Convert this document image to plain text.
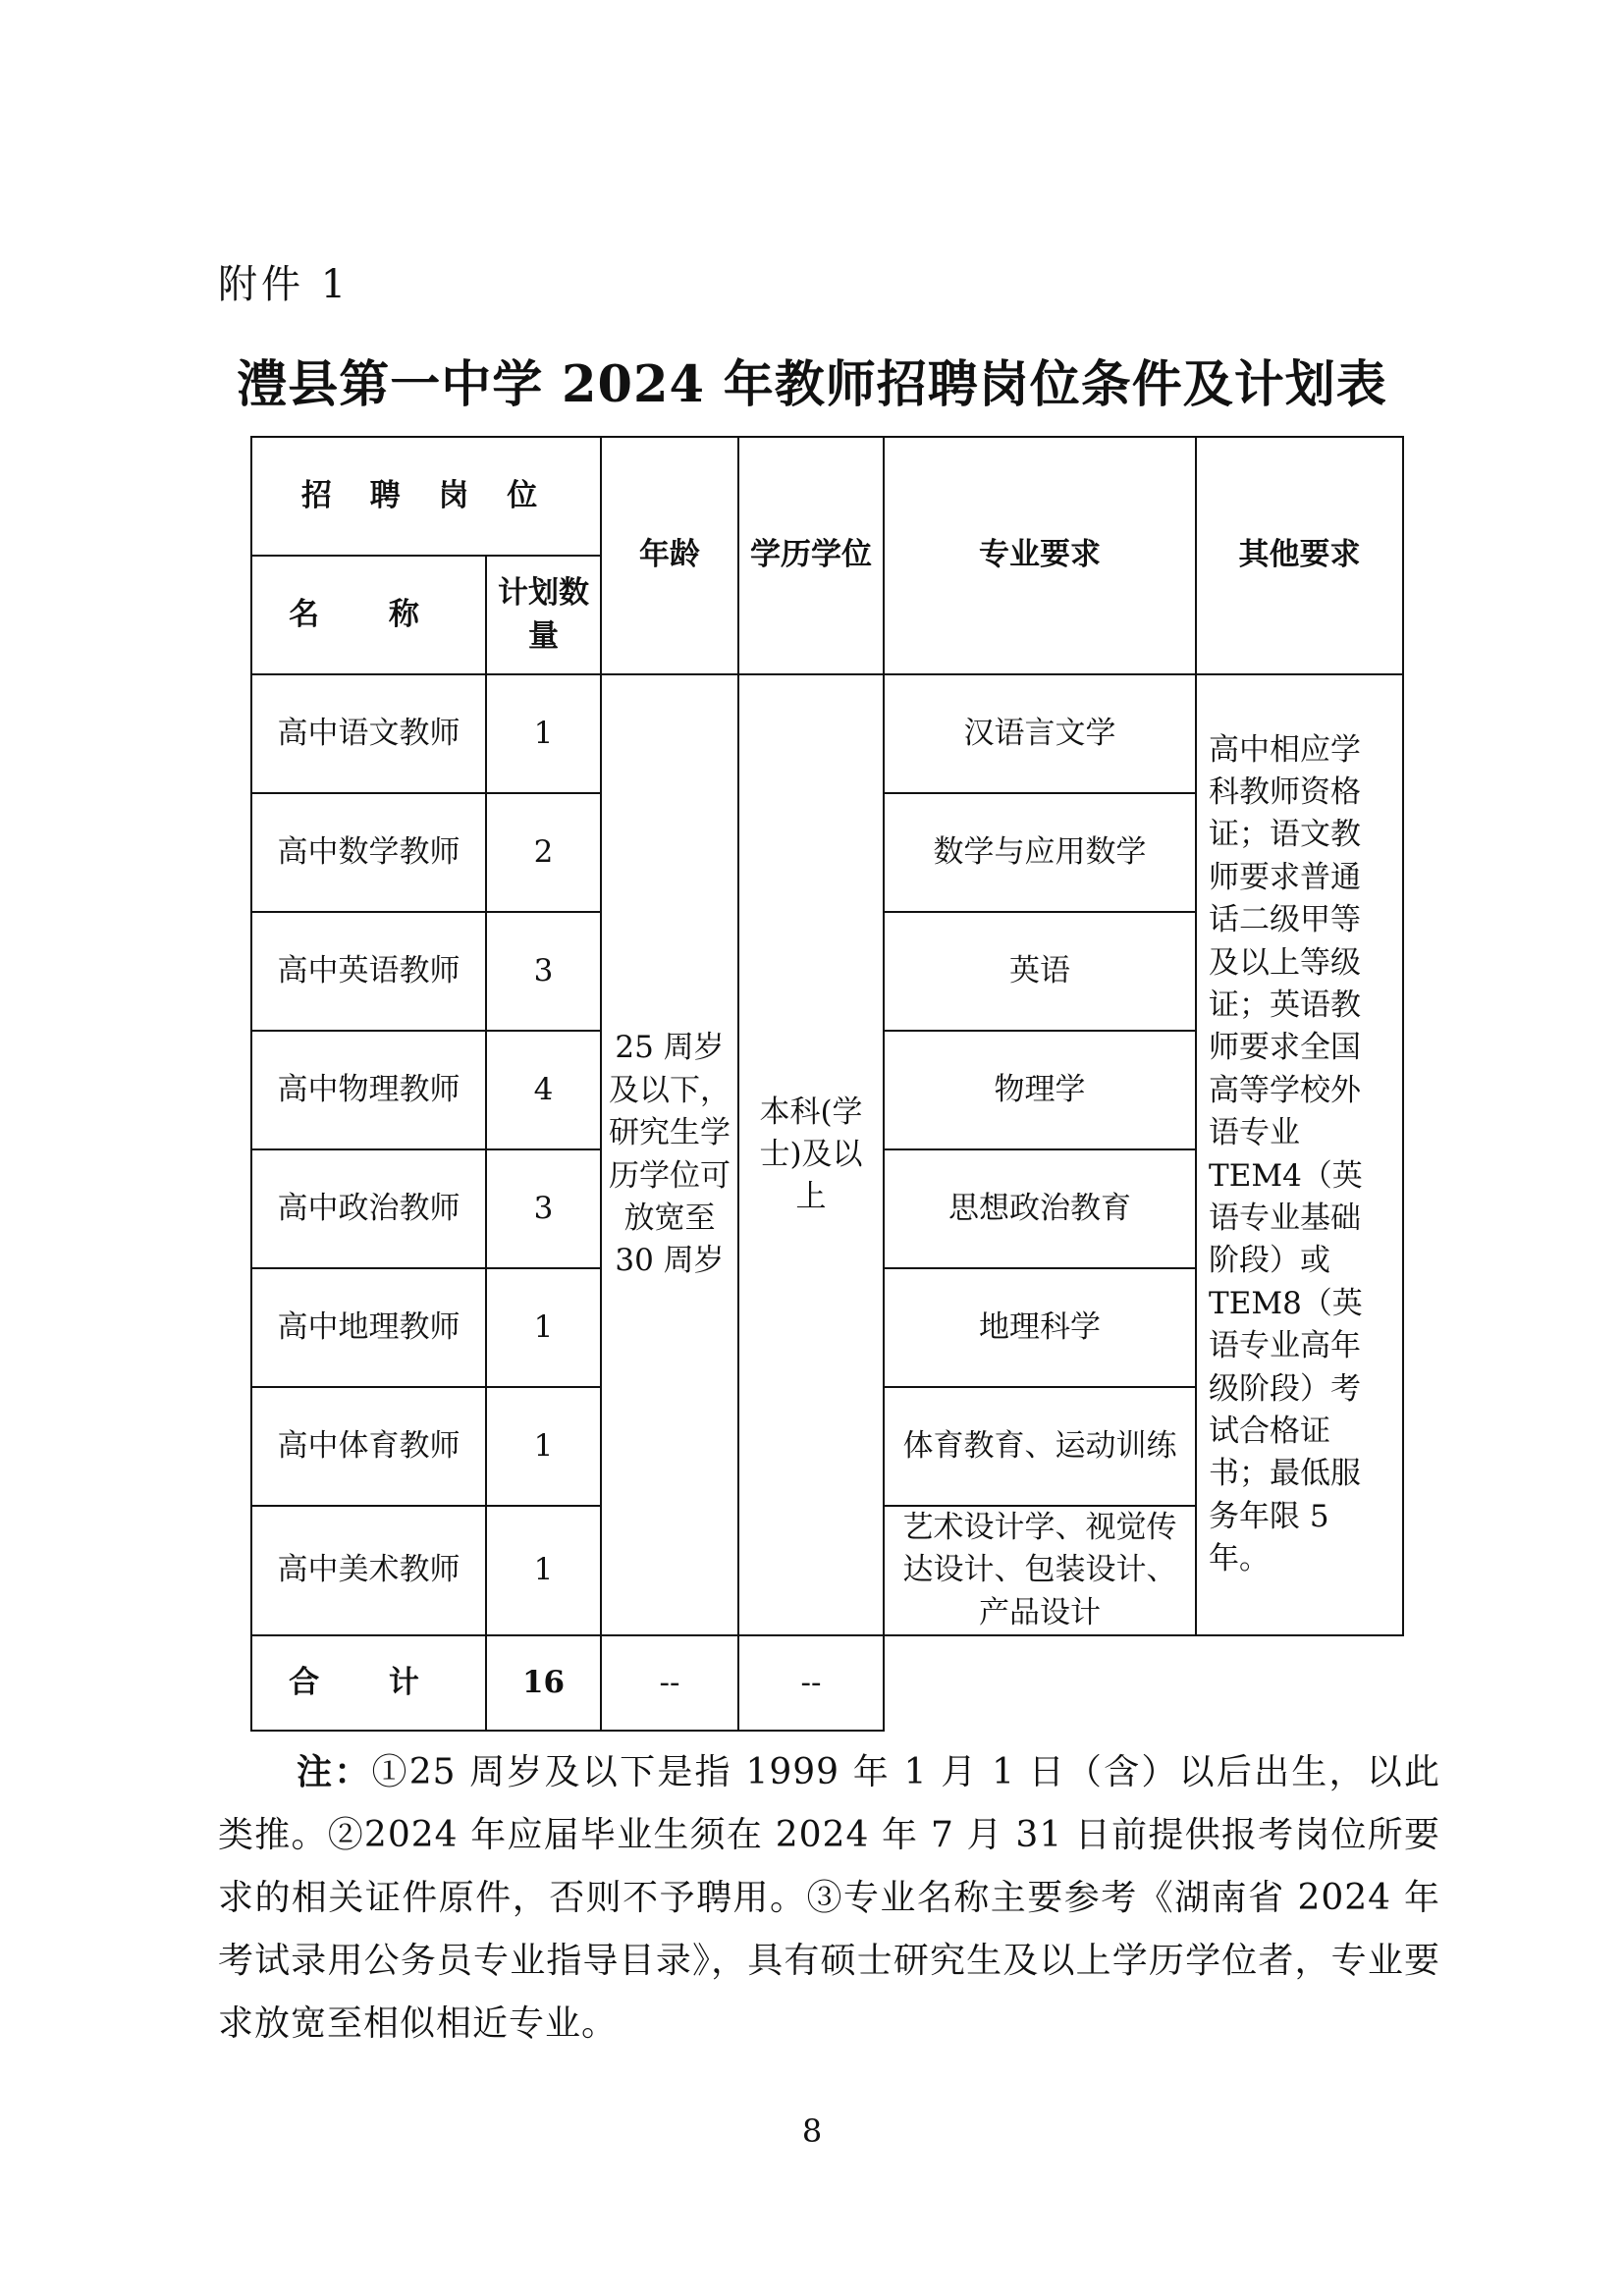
附件 1
澧县第一中学 2024 年教师招聘岗位条件及计划表
招 聘 岗 位		年龄	学历学位	专业要求	其他要求
名 称	计划数量				
高中语文教师	1	25 周岁及以下，研究生学历学位可放宽至 30 周岁	本科(学士)及以上	汉语言文学	高中相应学科教师资格证；语文教师要求普通话二级甲等及以上等级证；英语教师要求全国高等学校外语专业 TEM4（英语专业基础阶段）或 TEM8（英语专业高年级阶段）考试合格证书；最低服务年限 5 年。
高中数学教师	2			数学与应用数学	
高中英语教师	3			英语	
高中物理教师	4			物理学	
高中政治教师	3			思想政治教育	
高中地理教师	1			地理科学	
高中体育教师	1			体育教育、运动训练	
高中美术教师	1			艺术设计学、视觉传达设计、包装设计、产品设计	
合 计	16	--	--		
注：①25 周岁及以下是指 1999 年 1 月 1 日（含）以后出生，以此类推。②2024 年应届毕业生须在 2024 年 7 月 31 日前提供报考岗位所要求的相关证件原件，否则不予聘用。③专业名称主要参考《湖南省 2024 年考试录用公务员专业指导目录》，具有硕士研究生及以上学历学位者，专业要求放宽至相似相近专业。
8
